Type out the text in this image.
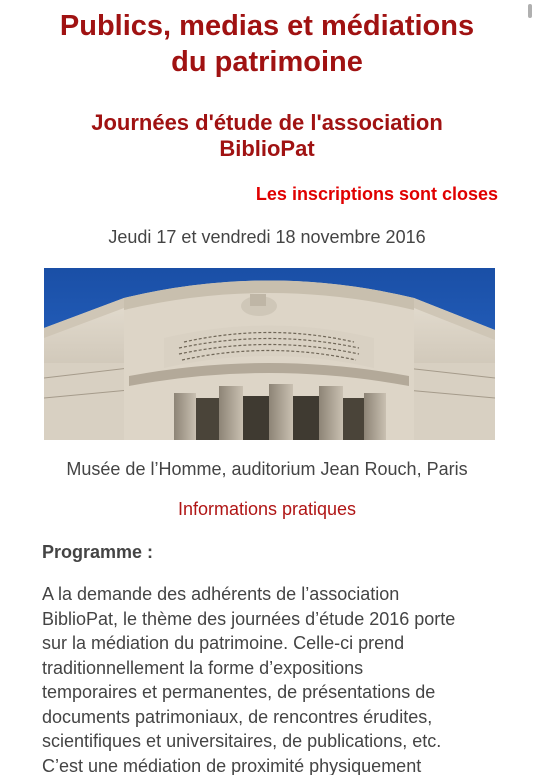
Publics, medias et médiations
du patrimoine
Journées d'étude de l'association
BiblioPat
Les inscriptions sont closes
Jeudi 17 et vendredi 18 novembre 2016
Musée de l’Homme, auditorium Jean Rouch, Paris
Informations pratiques
Programme :

A la demande des adhérents de l’association
BiblioPat, le thème des journées d’étude 2016 porte
sur la médiation du patrimoine. Celle-ci prend
traditionnellement la forme d’expositions
temporaires et permanentes, de présentations de
documents patrimoniaux, de rencontres érudites,
scientifiques et universitaires, de publications, etc.
C’est une médiation de proximité physiquement
